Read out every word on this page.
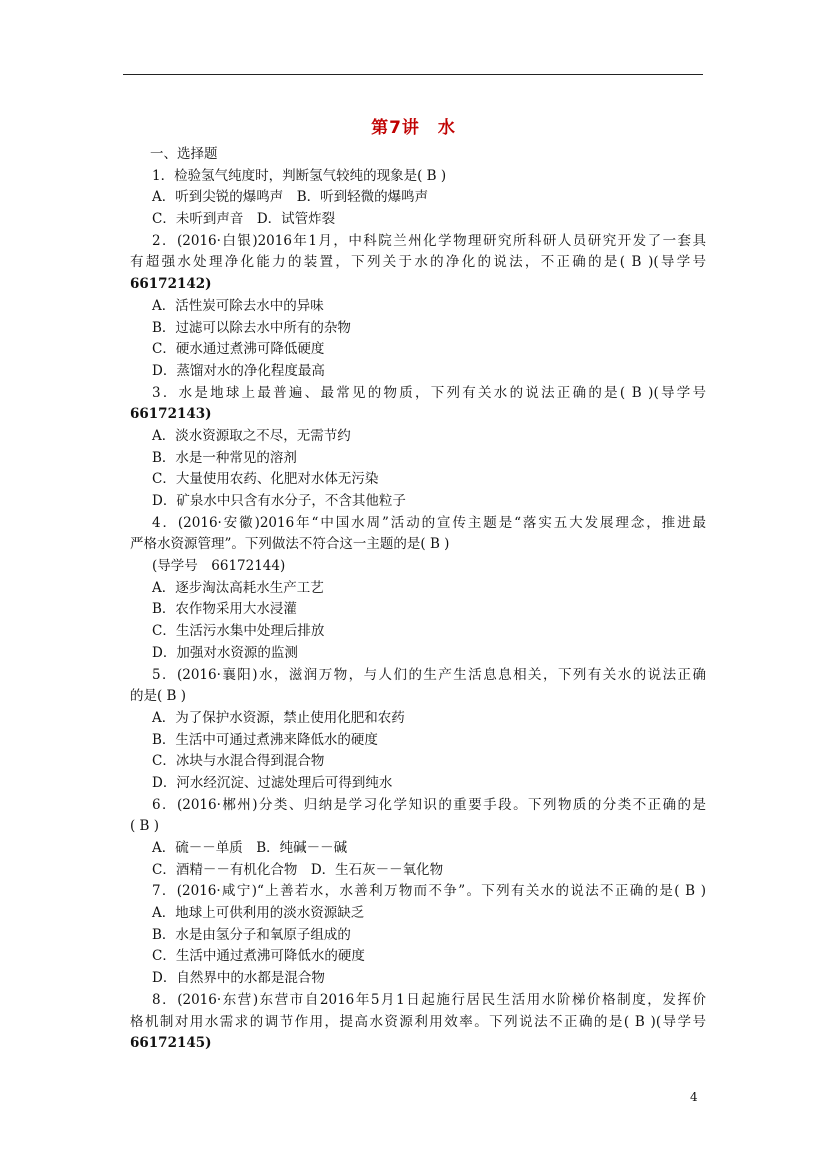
第7讲　水
一、选择题
1．检验氢气纯度时，判断氢气较纯的现象是( B )
A．听到尖锐的爆鸣声　B．听到轻微的爆鸣声
C．未听到声音　D．试管炸裂
2．(2016·白银)2016年1月，中科院兰州化学物理研究所科研人员研究开发了一套具
有超强水处理净化能力的装置，下列关于水的净化的说法，不正确的是( B )(导学号
66172142)
A．活性炭可除去水中的异味
B．过滤可以除去水中所有的杂物
C．硬水通过煮沸可降低硬度
D．蒸馏对水的净化程度最高
3．水是地球上最普遍、最常见的物质，下列有关水的说法正确的是( B )(导学号
66172143)
A．淡水资源取之不尽，无需节约
B．水是一种常见的溶剂
C．大量使用农药、化肥对水体无污染
D．矿泉水中只含有水分子，不含其他粒子
4．(2016·安徽)2016年“中国水周”活动的宣传主题是“落实五大发展理念，推进最
严格水资源管理”。下列做法不符合这一主题的是( B )
(导学号　66172144)
A．逐步淘汰高耗水生产工艺
B．农作物采用大水浸灌
C．生活污水集中处理后排放
D．加强对水资源的监测
5．(2016·襄阳)水，滋润万物，与人们的生产生活息息相关，下列有关水的说法正确
的是( B )
A．为了保护水资源，禁止使用化肥和农药
B．生活中可通过煮沸来降低水的硬度
C．冰块与水混合得到混合物
D．河水经沉淀、过滤处理后可得到纯水
6．(2016·郴州)分类、归纳是学习化学知识的重要手段。下列物质的分类不正确的是
( B )
A．硫－－单质　B．纯碱－－碱
C．酒精－－有机化合物　D．生石灰－－氧化物
7．(2016·咸宁)“上善若水，水善利万物而不争”。下列有关水的说法不正确的是( B )
A．地球上可供利用的淡水资源缺乏
B．水是由氢分子和氧原子组成的
C．生活中通过煮沸可降低水的硬度
D．自然界中的水都是混合物
8．(2016·东营)东营市自2016年5月1日起施行居民生活用水阶梯价格制度，发挥价
格机制对用水需求的调节作用，提高水资源利用效率。下列说法不正确的是( B )(导学号
66172145)
4
